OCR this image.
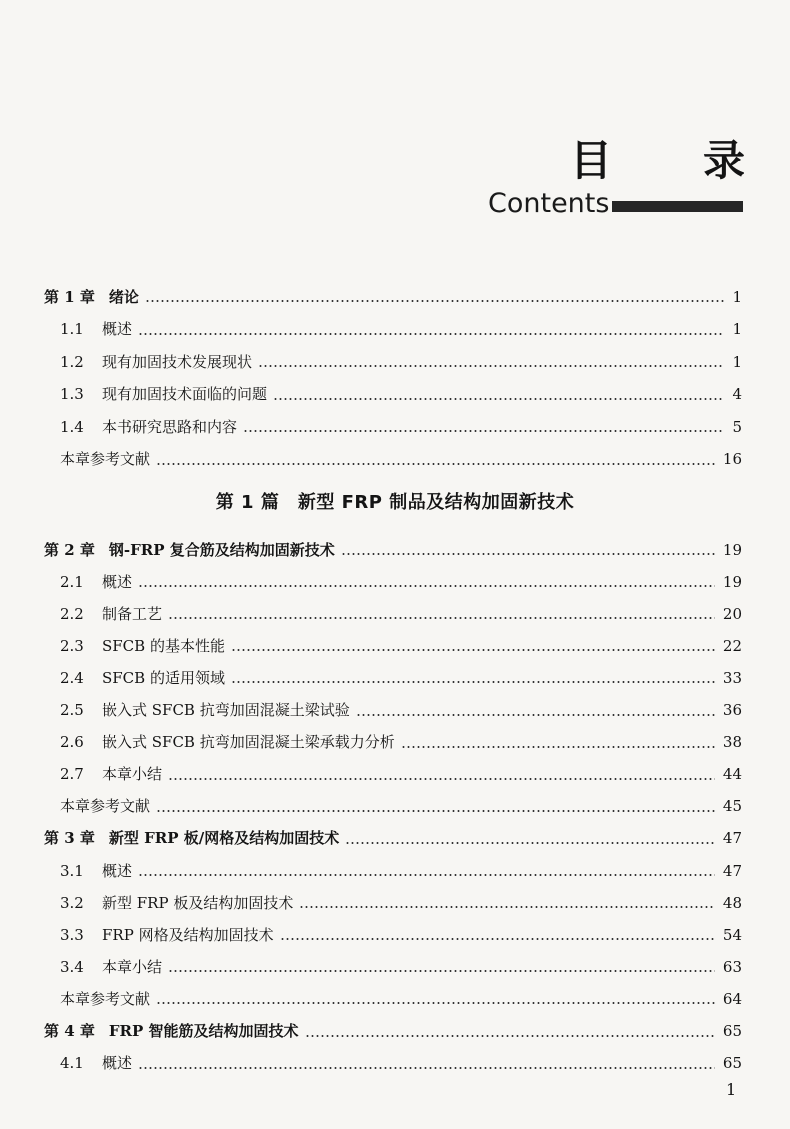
目 录
Contents
第 1 章 绪论	1
1.1	概述	1
1.2	现有加固技术发展现状	1
1.3	现有加固技术面临的问题	4
1.4	本书研究思路和内容	5
本章参考文献	16
第 1 篇　新型 FRP 制品及结构加固新技术
第 2 章 钢-FRP 复合筋及结构加固新技术	19
2.1	概述	19
2.2	制备工艺	20
2.3	SFCB 的基本性能	22
2.4	SFCB 的适用领域	33
2.5	嵌入式 SFCB 抗弯加固混凝土梁试验	36
2.6	嵌入式 SFCB 抗弯加固混凝土梁承载力分析	38
2.7	本章小结	44
本章参考文献	45
第 3 章 新型 FRP 板/网格及结构加固技术	47
3.1	概述	47
3.2	新型 FRP 板及结构加固技术	48
3.3	FRP 网格及结构加固技术	54
3.4	本章小结	63
本章参考文献	64
第 4 章 FRP 智能筋及结构加固技术	65
4.1	概述	65
1
